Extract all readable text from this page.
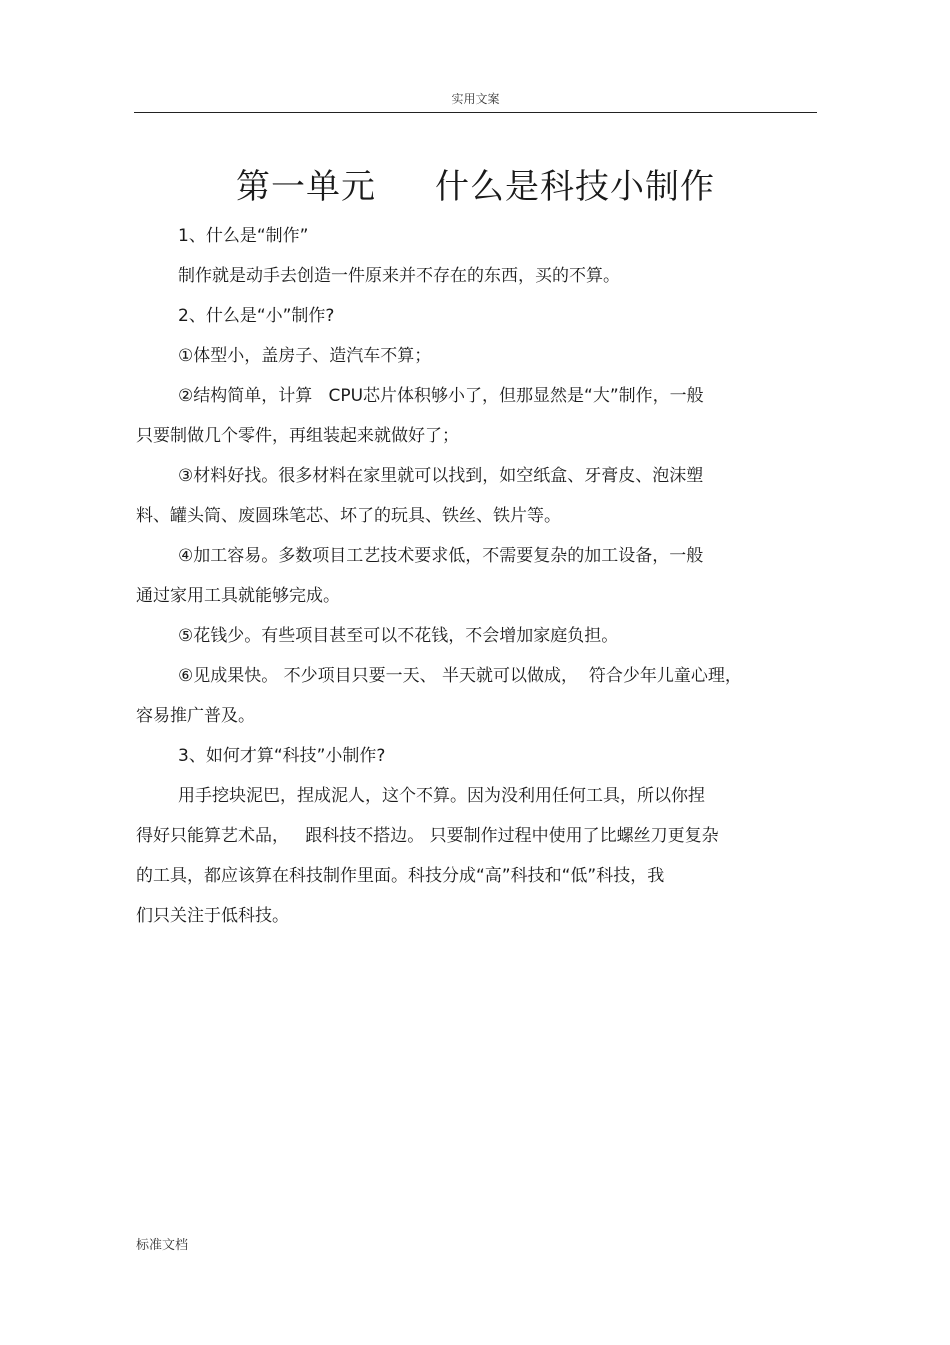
实用文案
第一单元     什么是科技小制作

1、什么是“制作”

制作就是动手去创造一件原来并不存在的东西，买的不算。

2、什么是“小”制作?

①体型小，盖房子、造汽车不算；

②结构简单，计算   CPU芯片体积够小了，但那显然是“大”制作，一般

只要制做几个零件，再组装起来就做好了；

③材料好找。很多材料在家里就可以找到，如空纸盒、牙膏皮、泡沫塑

料、罐头筒、废圆珠笔芯、坏了的玩具、铁丝、铁片等。

④加工容易。多数项目工艺技术要求低，不需要复杂的加工设备，一般

通过家用工具就能够完成。

⑤花钱少。有些项目甚至可以不花钱，不会增加家庭负担。

⑥见成果快。 不少项目只要一天、 半天就可以做成，  符合少年儿童心理，

容易推广普及。

3、如何才算“科技”小制作?

用手挖块泥巴，捏成泥人，这个不算。因为没利用任何工具，所以你捏

得好只能算艺术品，   跟科技不搭边。 只要制作过程中使用了比螺丝刀更复杂

的工具，都应该算在科技制作里面。科技分成“高”科技和“低”科技，我

们只关注于低科技。

标准文档
